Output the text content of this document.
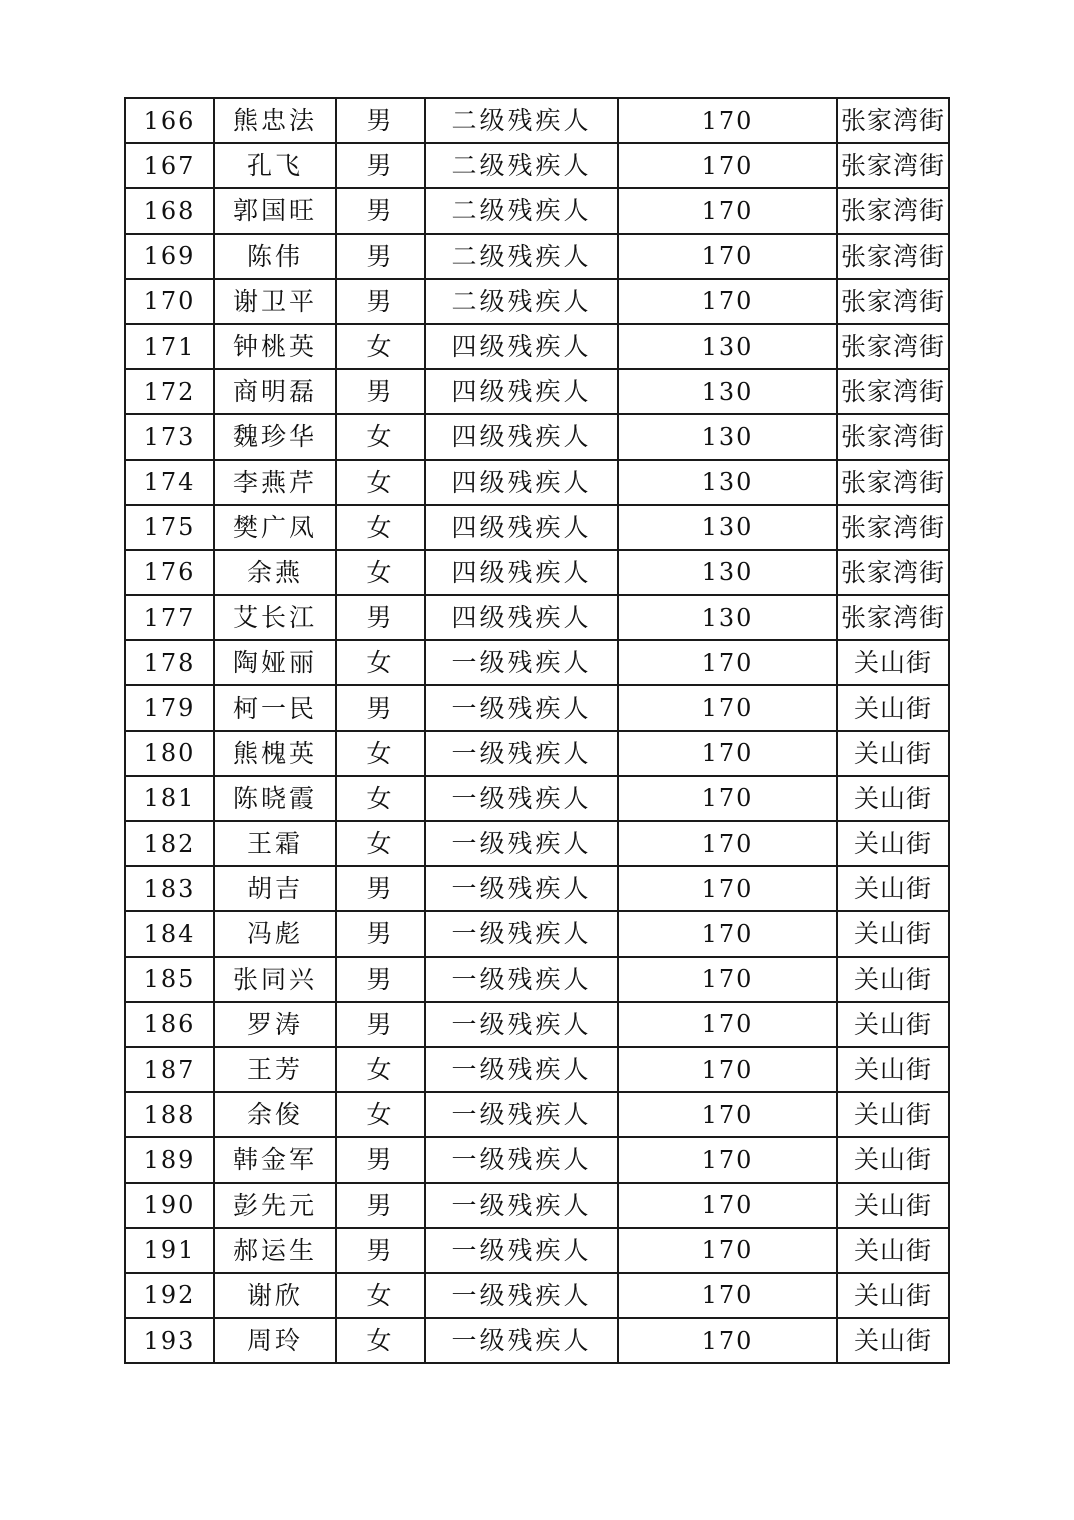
166	熊忠法	男	二级残疾人	170	张家湾街
167	孔飞	男	二级残疾人	170	张家湾街
168	郭国旺	男	二级残疾人	170	张家湾街
169	陈伟	男	二级残疾人	170	张家湾街
170	谢卫平	男	二级残疾人	170	张家湾街
171	钟桃英	女	四级残疾人	130	张家湾街
172	商明磊	男	四级残疾人	130	张家湾街
173	魏珍华	女	四级残疾人	130	张家湾街
174	李燕芹	女	四级残疾人	130	张家湾街
175	樊广凤	女	四级残疾人	130	张家湾街
176	余燕	女	四级残疾人	130	张家湾街
177	艾长江	男	四级残疾人	130	张家湾街
178	陶娅丽	女	一级残疾人	170	关山街
179	柯一民	男	一级残疾人	170	关山街
180	熊槐英	女	一级残疾人	170	关山街
181	陈晓霞	女	一级残疾人	170	关山街
182	王霜	女	一级残疾人	170	关山街
183	胡吉	男	一级残疾人	170	关山街
184	冯彪	男	一级残疾人	170	关山街
185	张同兴	男	一级残疾人	170	关山街
186	罗涛	男	一级残疾人	170	关山街
187	王芳	女	一级残疾人	170	关山街
188	余俊	女	一级残疾人	170	关山街
189	韩金军	男	一级残疾人	170	关山街
190	彭先元	男	一级残疾人	170	关山街
191	郝运生	男	一级残疾人	170	关山街
192	谢欣	女	一级残疾人	170	关山街
193	周玲	女	一级残疾人	170	关山街
